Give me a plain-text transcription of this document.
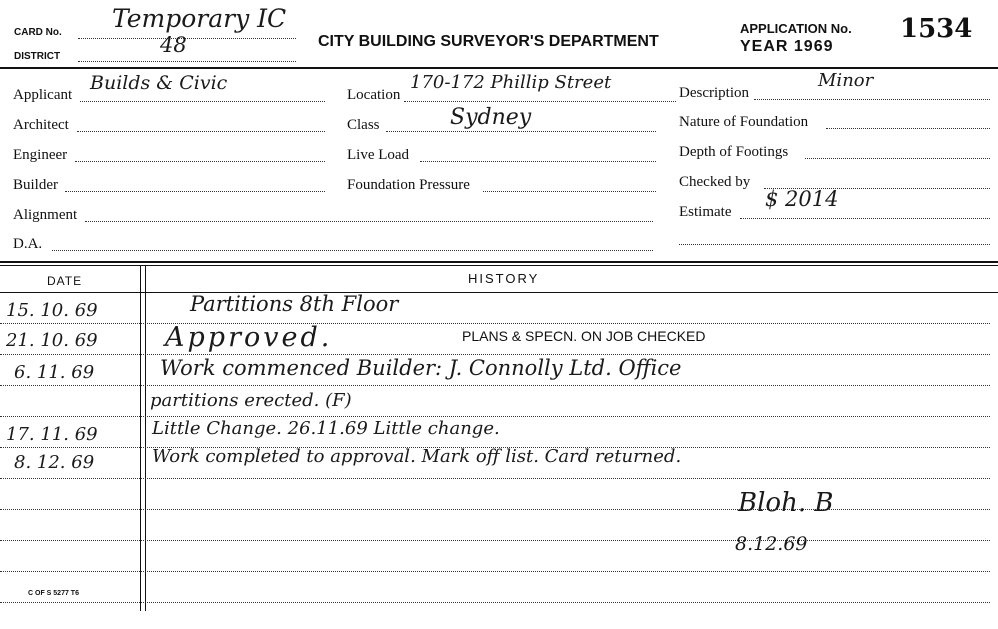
CARD No. Temporary IC
DISTRICT	48	CITY BUILDING SURVEYOR'S DEPARTMENT
APPLICATION No. 1534
YEAR 1969
Applicant
Builds & Civic
Architect
Engineer
Builder
Alignment
D.A.
Location
170-172 Phillip Street
Class	Sydney
Live Load
Foundation Pressure
Description
Minor
Nature of Foundation
Depth of Footings
Checked by
Estimate
$ 2014
DATE	HISTORY
15. 10. 69	Partitions 8th Floor
21. 10. 69 Approved.	PLANS & SPECN. ON JOB CHECKED
6. 11. 69	Work commenced Builder: J. Connolly Ltd. Office
partitions erected. (F)
17. 11. 69	Little Change. 26.11.69 Little change.
8. 12. 69	Work completed to approval. Mark off list. Card returned.
Bloh. B
8.12.69
C OF S 5277 T6
